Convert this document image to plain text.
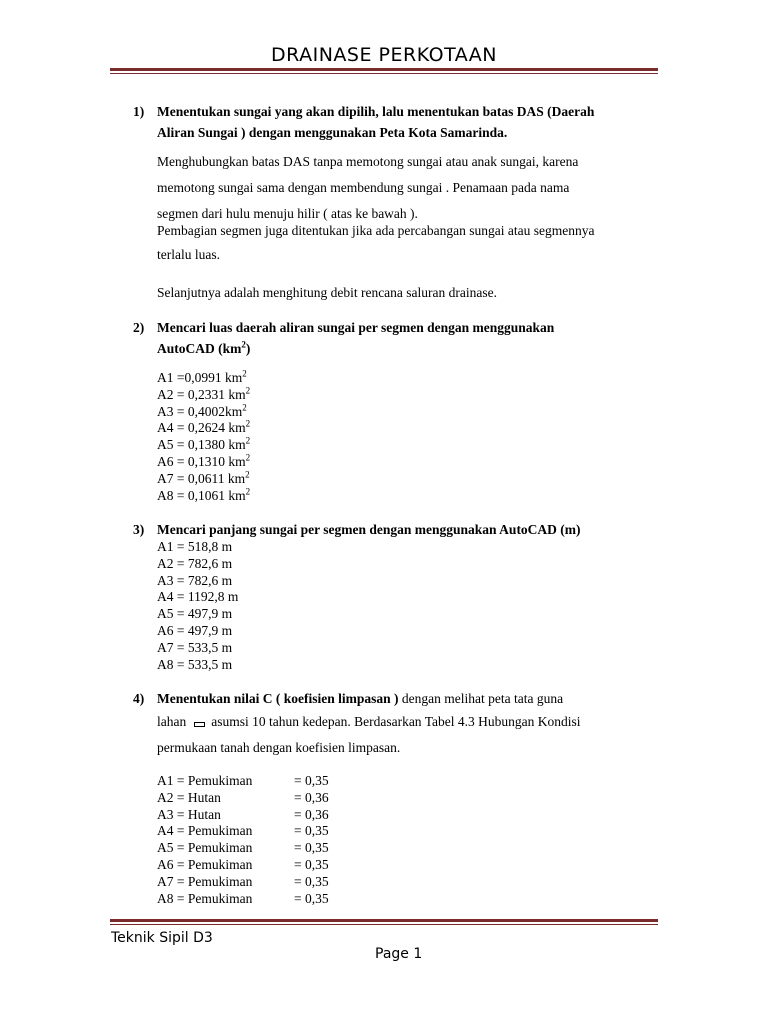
DRAINASE PERKOTAAN
1) Menentukan sungai yang akan dipilih, lalu menentukan batas DAS (Daerah
Aliran Sungai ) dengan menggunakan Peta Kota Samarinda.
Menghubungkan batas DAS tanpa memotong sungai atau anak sungai, karena
memotong sungai sama dengan membendung sungai . Penamaan pada nama
segmen dari hulu menuju hilir ( atas ke bawah ).
Pembagian segmen juga ditentukan jika ada percabangan sungai atau segmennya
terlalu luas.
Selanjutnya adalah menghitung debit rencana saluran drainase.
2) Mencari luas daerah aliran sungai per segmen dengan menggunakan
AutoCAD $(km^2)$
A1 =0,0991 $km^2$
A2 = 0,2331 $km^2$
$A3 = 0,4002km^2$
A4 = 0,2624 $km^2$
A5 = 0,1380 $km^2$
A6 = 0,1310 $km^2$
A7 = 0,0611 $km^2$
A8 = 0,1061 $km^2$
3) Mencari panjang sungai per segmen dengan menggunakan AutoCAD (m)
A1 = 518,8 m
A2 = 782,6 m
A3 = 782,6 m
A4 = 1192,8 m
A5 = 497,9 m
A6 = 497,9 m
A7 = 533,5 m
A8 = 533,5 m
4) Menentukan nilai C ( koefisien limpasan ) dengan melihat peta tata guna
lahan asumsi 10 tahun kedepan. Berdasarkan Tabel 4.3 Hubungan Kondisi
permukaan tanah dengan koefisien limpasan.
A1 = Pemukiman	= 0,35
A2 = Hutan	= 0,36
A3 = Hutan	= 0,36
A4 = Pemukiman	= 0,35
A5 = Pemukiman	= 0,35
A6 = Pemukiman	= 0,35
A7 = Pemukiman	= 0,35
A8 = Pemukiman	= 0,35
Teknik Sipil D3
Page 1
